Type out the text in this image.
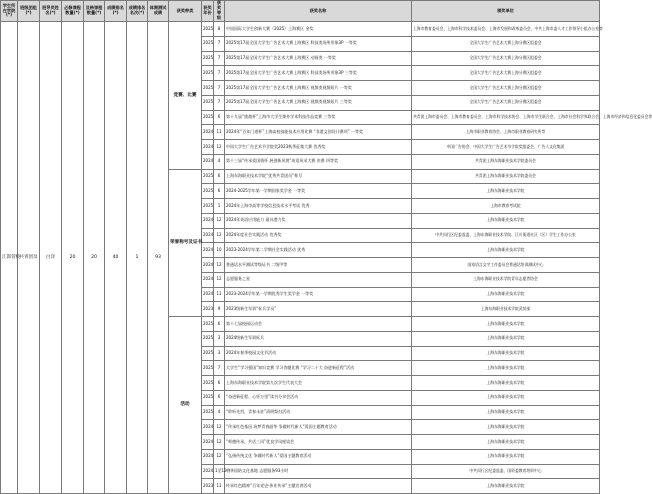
学生所在学院(*)	班级团组(*)	班导员姓名(*)	必修课程数量(*)	及格课程数量(*)	成绩排名(*)	成绩排名名次(*)	体测测试成绩	获奖种类	获奖年份	获奖等级	获奖名称	颁奖单位
江郎管校	共青团员	白洋	20	20	40	1	93	竞赛、比赛	2025	8	中国国际大学生创新大赛（2025）上海赛区 金奖	上海市教育委员会、上海市科学技术委员会、上海市发展和改革委员会、中共上海市委人才工作领导小组办公室等
									2025	7	2025第17届全国大学生广告艺术大赛上海赛区 科技类场所形象3P 一等奖	全国大学生广告艺术大赛上海分赛区组委会
									2025	7	2025第17届全国大学生广告艺术大赛上海赛区 动画类 一等奖	全国大学生广告艺术大赛上海分赛区组委会
									2025	7	2025第17届全国大学生广告艺术大赛上海赛区 科技类场所形象3P 三等奖	全国大学生广告艺术大赛上海分赛区组委会
									2025	7	2025第17届全国大学生广告艺术大赛上海赛区 视频类视频短片 一等奖	全国大学生广告艺术大赛上海分赛区组委会
									2025	7	2025第17届全国大学生广告艺术大赛上海赛区 视频类视频短片 三等奖	全国大学生广告艺术大赛上海分赛区组委会
									2025	6	第十九届“挑战杯”上海市大学生课外学术科技作品竞赛 三等奖	共青团上海市委员会、上海市教育委员会、上海市科学技术协会、上海市学生联合会、上海市社会科学界联合会、上海市经济和信息化委员会等
									2024	11	2024年“百年门道杯”上海高校技能技术应用比赛 “非遗文创设计赛项” 一等奖	上海市职业教育协会、上海市职业教育研究所等
									2024	12	中国大学生广告艺术节学院奖2023秋季征集大赛 优秀奖	中国广告协会、中国大学生广告艺术节学院奖组委会、广告人文化集团
									2024	4	第十三届“传承爱国情怀 展创新风貌”英语风采大赛 决赛 四等奖	共青团上海东海职业技术学院委员会
								荣誉称号及证书	2025	6	上海东海职业技术学院“优秀共青团员”称号	共青团上海东海职业技术学院委员会
									2025	6	2024-2025学年第一学期国家奖学金 一等奖	上海东海职业技术学院
									2025	1	2024年上海市高等学校信息技术水平考试 优秀	上海市教育考试院
									2024	12	2024年英语应用能力 最具潜力奖	上海东海职业技术学院
									2024	12	2024年度社会实践活动 优秀奖	中共闵行区纪委监委、上海东海职业技术学院、江川街道社区（区）学生工作办公室
									2024	10	2023-2024学年第二学期社会实践活动 优秀	上海东海职业技术学院
									2024	12	普通话水平测试等级证书 二级甲等	国家语言文字工作委员会普通话培训测试中心
									2024	12	志愿服务之星	上海东海职业技术学院青年志愿者协会
									2024	11	2023-2024学年第一学期优秀学生奖学金 一等奖	上海东海职业技术学院
									2023	9	2023级新生军训“标兵学员”	上海东海职业技术学院武装部
								活动	2025	6	第十七届校园运动会	上海东海职业技术学院
									2025	3	2024级新生军训标兵	上海东海职业技术学院
									2025	3	2024年春季校园文化节活动	上海东海职业技术学院
									2025	7	大学生“学习强国”知识竞赛 学习答题比赛 “学习二十大 奋进新征程”活动	上海东海职业技术学院
									2025	6	上海东海职业技术学院第九次学生代表大会	上海东海职业技术学院
									2025	6	“奋进新征程、心怀万里”读书分享会活动	上海东海职业技术学院
									2025	4	“聆听先烈，青春永驻”清明祭扫活动	上海东海职业技术学院
									2024	12	“传承红色基因 筑梦青春韶华 争做时代新人”爱国主题教育活动	上海东海职业技术学院
									2024	12	“师德传承，共话三风”优良学风座谈会	上海东海职业技术学院
									2024	12	“弘扬传统文化 争做时代新人”爱国主题教育活动	上海东海职业技术学院
									2024	1至12月	中华国防文化基地 志愿服务93小时	中共闵行区纪委监委、国资委教育培训中心
									2023	11	传承红色精神“百年党史·伟业传承”主题宣讲活动	上海东海职业技术学院
